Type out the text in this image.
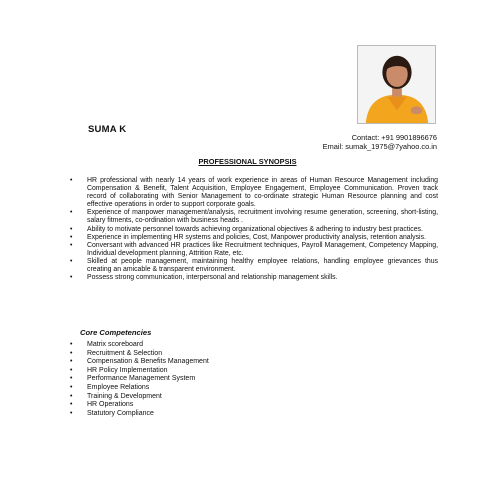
SUMA K
Contact: +91 9901896676
Email: sumak_1975@7yahoo.co.in
PROFESSIONAL SYNOPSIS
• HR professional with nearly 14 years of work experience in areas of Human Resource Management including Compensation & Benefit, Talent Acquisition, Employee Engagement, Employee Communication. Proven track record of collaborating with Senior Management to co-ordinate strategic Human Resource planning and cost effective operations in order to support corporate goals.
• Experience of manpower management/analysis, recruitment involving resume generation, screening, short-listing, salary fitments, co-ordination with business heads .
• Ability to motivate personnel towards achieving organizational objectives & adhering to industry best practices.
• Experience in implementing HR systems and policies, Cost, Manpower productivity analysis, retention analysis.
• Conversant with advanced HR practices like Recruitment techniques, Payroll Management, Competency Mapping, Individual development planning, Attrition Rate, etc.
• Skilled at people management, maintaining healthy employee relations, handling employee grievances thus creating an amicable & transparent environment.
• Possess strong communication, interpersonal and relationship management skills.
Core Competencies
• Matrix scoreboard
• Recruitment & Selection
• Compensation & Benefits Management
• HR Policy Implementation
• Performance Management System
• Employee Relations
• Training & Development
• HR Operations
• Statutory Compliance
